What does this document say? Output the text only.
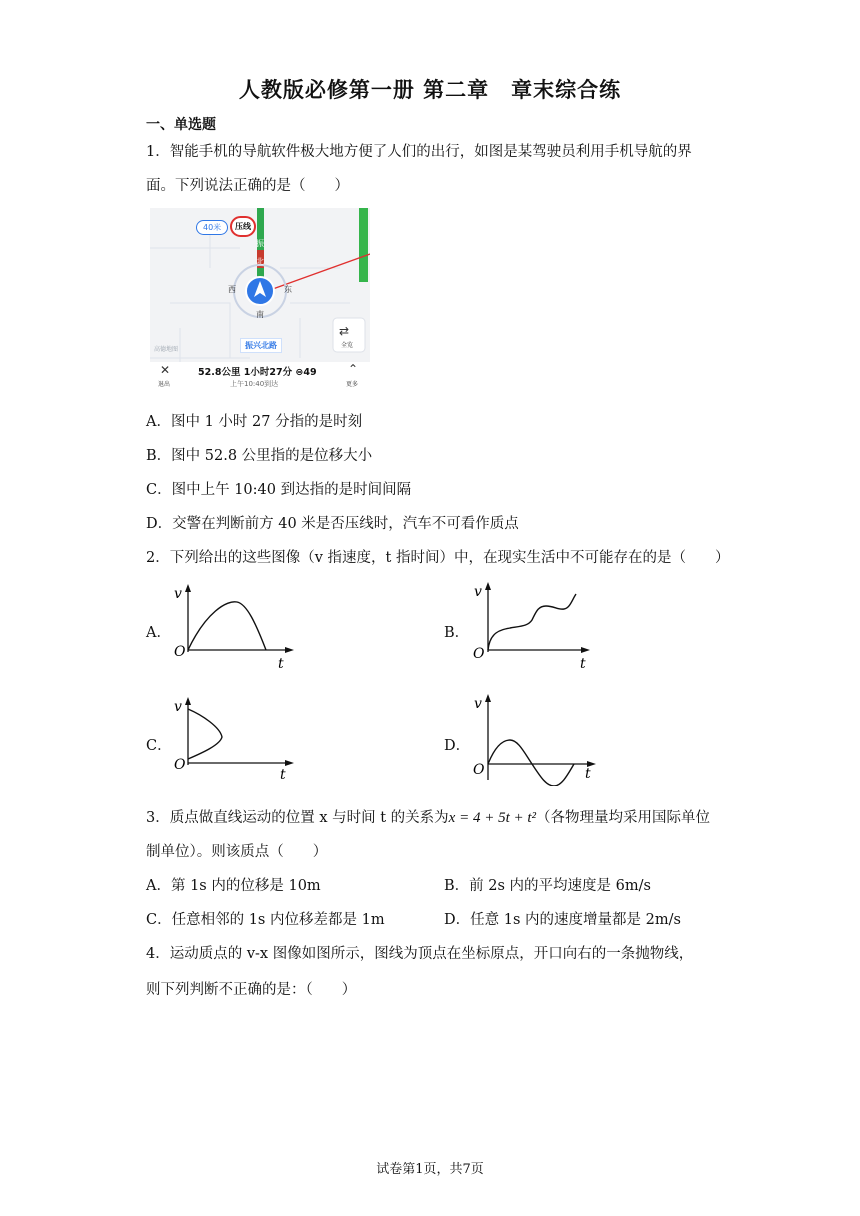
人教版必修第一册 第二章　章末综合练
一、单选题
1．智能手机的导航软件极大地方便了人们的出行，如图是某驾驶员利用手机导航的界
面。下列说法正确的是（　　）
40米	压线
振
北
西	东
南
振兴北路
高德地图
⇄
全览
✕
退出
52.8公里 1小时27分 ⊜49
上午10:40到达
⌃
更多
A．图中 1 小时 27 分指的是时刻
B．图中 52.8 公里指的是位移大小
C．图中上午 10:40 到达指的是时间间隔
D．交警在判断前方 40 米是否压线时，汽车不可看作质点
2．下列给出的这些图像（v 指速度，t 指时间）中，在现实生活中不可能存在的是（　　）
A．	B．
C．	D．
v
O
t
v
O
t
v
O
t
v
O	t
3．质点做直线运动的位置 x 与时间 t 的关系为x = 4 + 5t + t²（各物理量均采用国际单位
制单位）。则该质点（　　）
A．第 1s 内的位移是 10m	B．前 2s 内的平均速度是 6m/s
C．任意相邻的 1s 内位移差都是 1m	D．任意 1s 内的速度增量都是 2m/s
4．运动质点的 v-x 图像如图所示，图线为顶点在坐标原点，开口向右的一条抛物线，
则下列判断不正确的是：（　　）
试卷第1页，共7页
